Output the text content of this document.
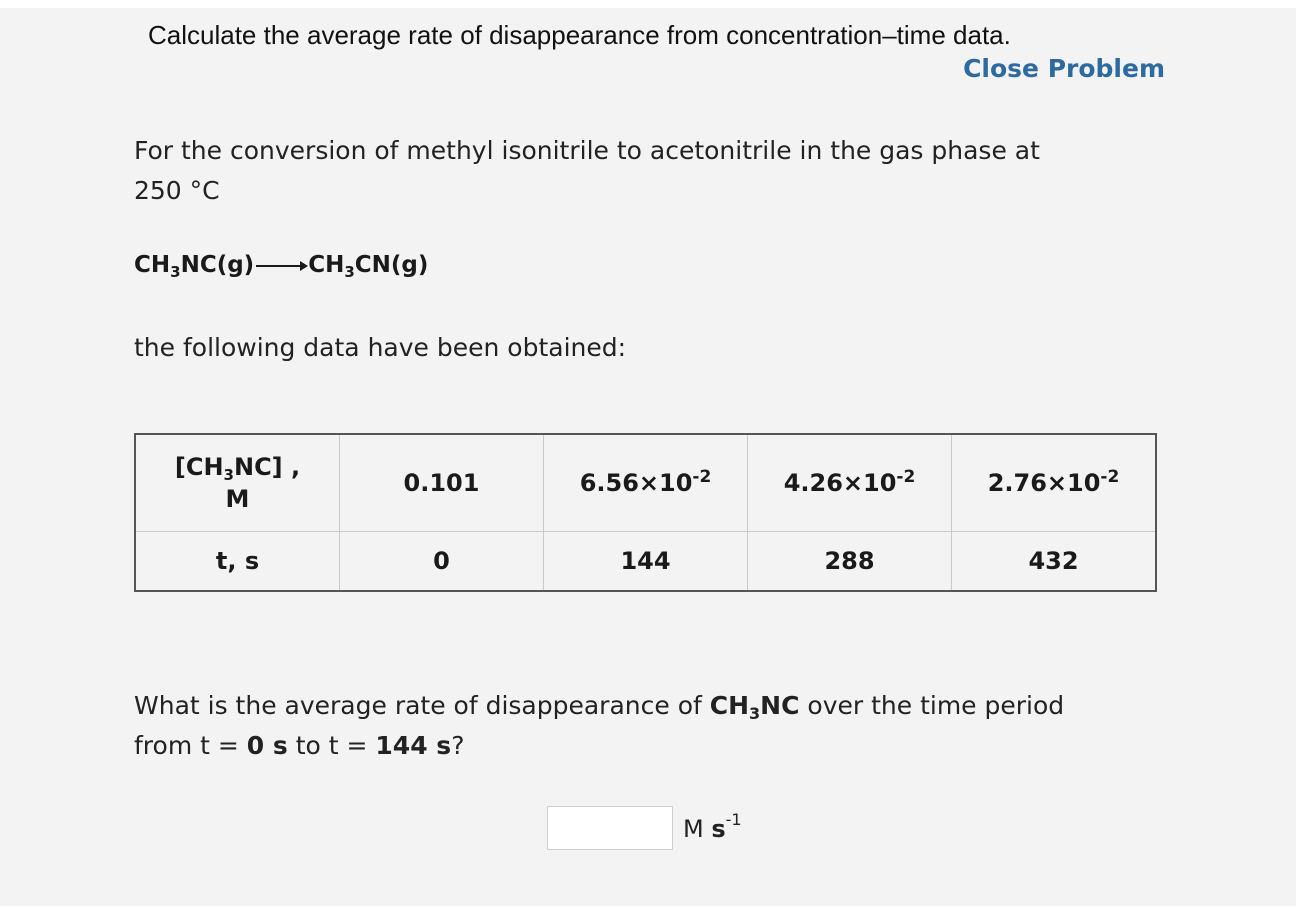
Calculate the average rate of disappearance from concentration–time data.
Close Problem
For the conversion of methyl isonitrile to acetonitrile in the gas phase at
250 °C
$CH_3NC(g) \to CH_3CN(g)$
the following data have been obtained:
$[CH_3NC]$ ,
M	0.101	$6.56\times 10^{-2}$	$4.26\times 10^{-2}$	$2.76\times 10^{-2}$
t, s	0	144	288	432
What is the average rate of disappearance of $CH_3NC$ over the time period
from t = 0 s to t = 144 s?
M $s^{-1}$
